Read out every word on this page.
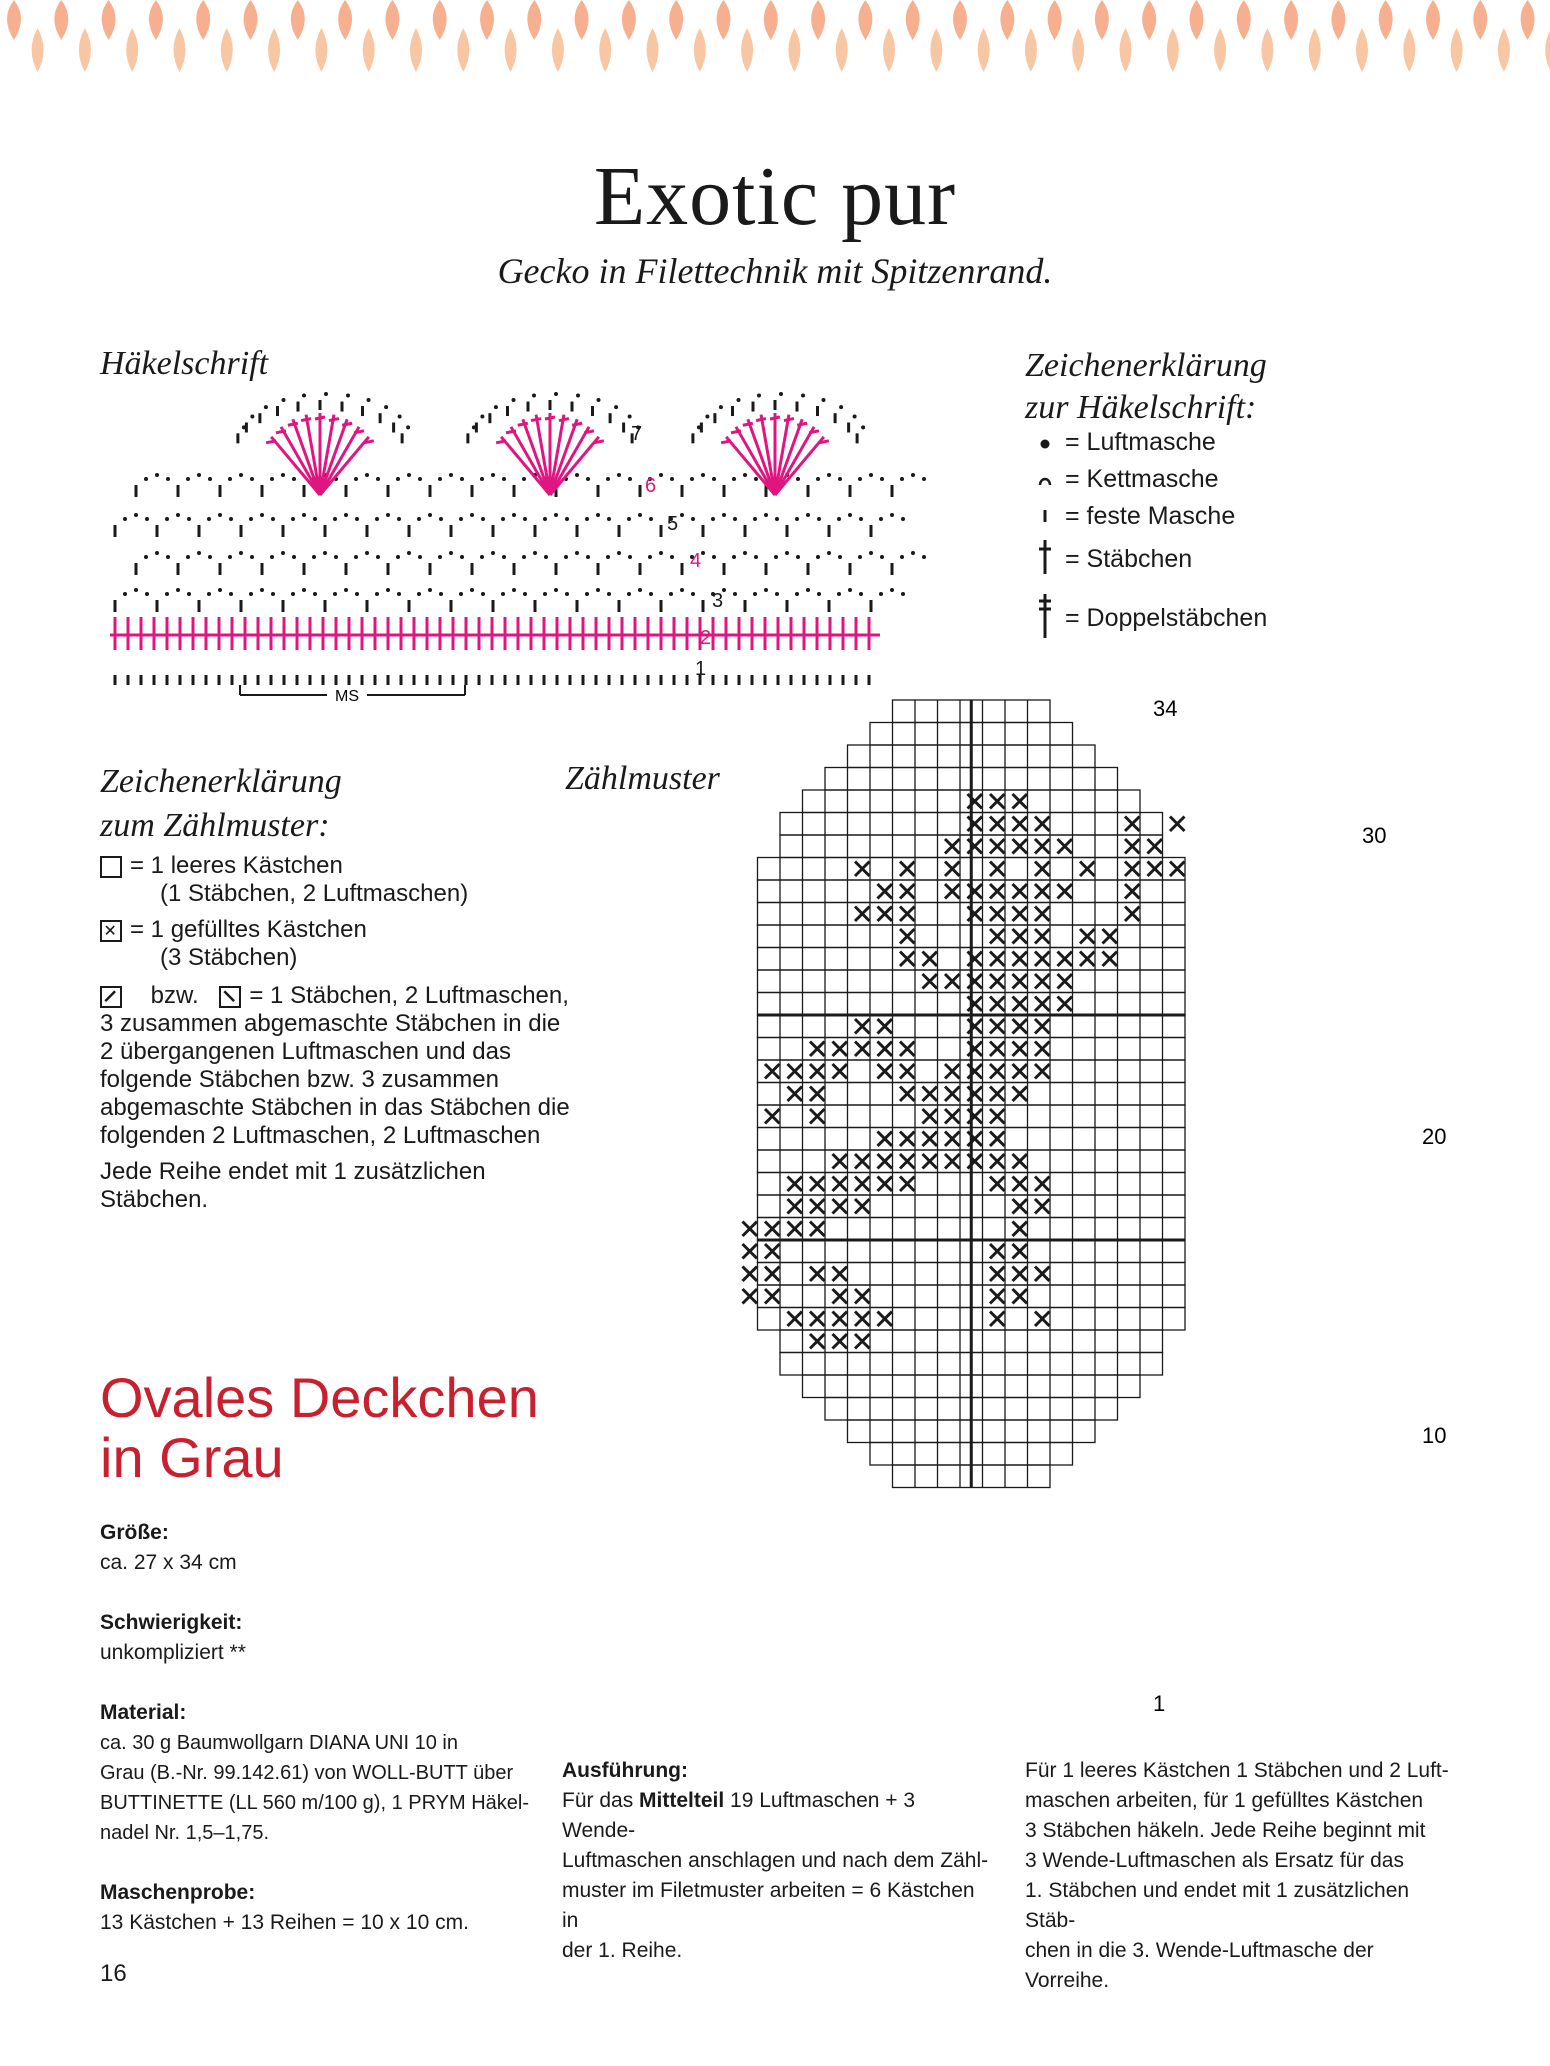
Exotic pur

Gecko in Filettechnik mit Spitzenrand.

Häkelschrift
MS
1
2
3
4
5
6
7
Zeichenerklärung
zur Häkelschrift:
= Luftmasche
= Kettmasche
= feste Masche
= Stäbchen
= Doppelstäbchen
Zeichenerklärung
zum Zählmuster:
= 1 leeres Kästchen
(1 Stäbchen, 2 Luftmaschen)
= 1 gefülltes Kästchen
(3 Stäbchen)
bzw. = 1 Stäbchen, 2 Luftmaschen,
3 zusammen abgemaschte Stäbchen in die
2 übergangenen Luftmaschen und das
folgende Stäbchen bzw. 3 zusammen
abgemaschte Stäbchen in das Stäbchen die
folgenden 2 Luftmaschen, 2 Luftmaschen
Jede Reihe endet mit 1 zusätzlichen Stäbchen.
Zählmuster
34
30
20
10
1
Ovales Deckchen
in Grau
Größe:
ca. 27 x 34 cm
Schwierigkeit:
unkompliziert **
Material:
ca. 30 g Baumwollgarn DIANA UNI 10 in
Grau (B.-Nr. 99.142.61) von WOLL-BUTT über
BUTTINETTE (LL 560 m/100 g), 1 PRYM Häkel-
nadel Nr. 1,5–1,75.
Maschenprobe:
13 Kästchen + 13 Reihen = 10 x 10 cm.
Ausführung:
Für das Mittelteil 19 Luftmaschen + 3 Wende-
Luftmaschen anschlagen und nach dem Zähl-
muster im Filetmuster arbeiten = 6 Kästchen in
der 1. Reihe.
Für 1 leeres Kästchen 1 Stäbchen und 2 Luft-
maschen arbeiten, für 1 gefülltes Kästchen
3 Stäbchen häkeln. Jede Reihe beginnt mit
3 Wende-Luftmaschen als Ersatz für das
1. Stäbchen und endet mit 1 zusätzlichen Stäb-
chen in die 3. Wende-Luftmasche der Vorreihe.
16
